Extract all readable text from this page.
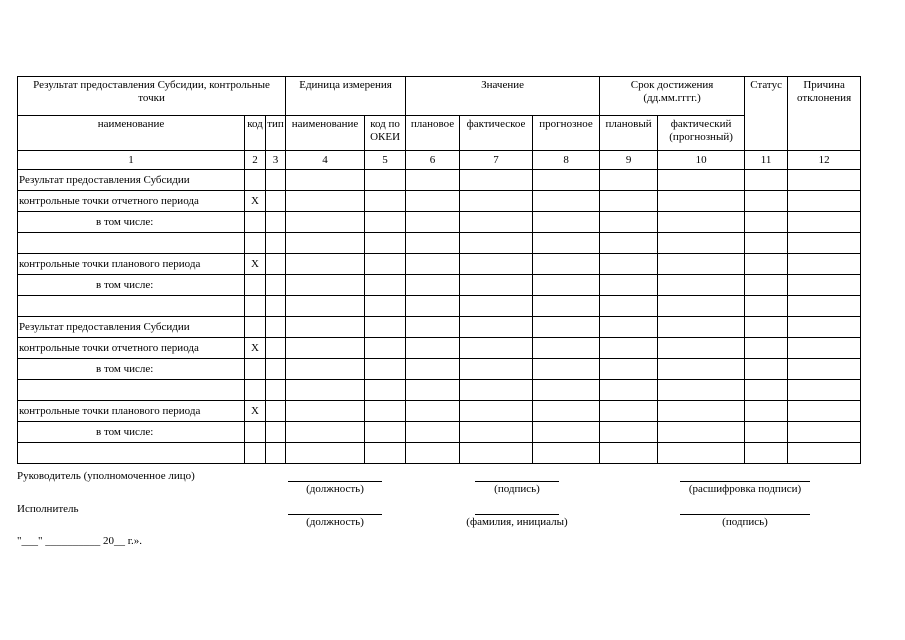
Результат предоставления Субсидии, контрольные точки			Единица измерения		Значение			Срок достижения (дд.мм.гггг.)		Статус	Причина отклонения
наименование	код	тип	наименование	код по ОКЕИ	плановое	фактическое	прогнозное	плановый	фактический (прогнозный)		
1	2	3	4	5	6	7	8	9	10	11	12
Результат предоставления Субсидии											
контрольные точки отчетного периода	X										
в том числе:											

контрольные точки планового периода	X										
в том числе:											

Результат предоставления Субсидии											
контрольные точки отчетного периода	X										
в том числе:											

контрольные точки планового периода	X										
в том числе:											

Руководитель (уполномоченное лицо)
(должность)	(подпись)	(расшифровка подписи)
Исполнитель
(должность)	(фамилия, инициалы)	(подпись)
"___" __________ 20__ г.».
